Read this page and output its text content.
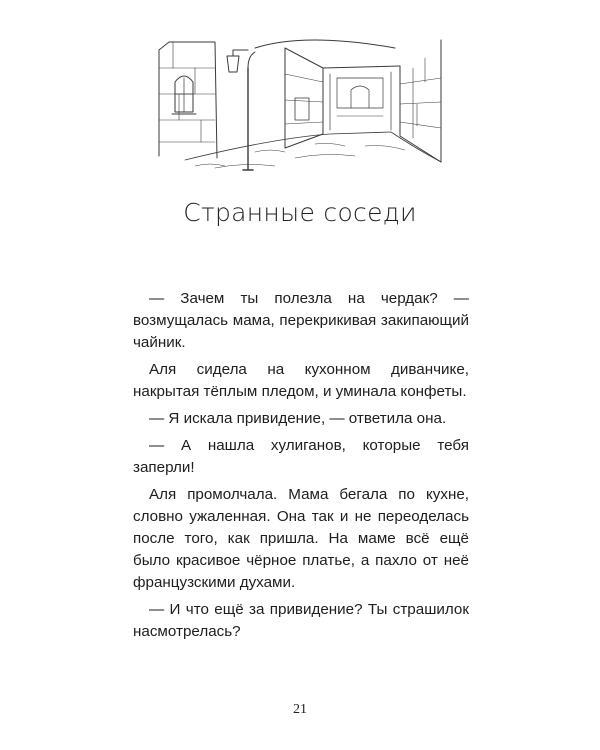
Странные соседи

— Зачем ты полезла на чердак? — возмущалась мама, перекрикивая закипающий чайник.

Аля сидела на кухонном диванчике, накрытая тёплым пледом, и уминала конфеты.

— Я искала привидение, — ответила она.

— А нашла хулиганов, которые тебя заперли!

Аля промолчала. Мама бегала по кухне, словно ужаленная. Она так и не переоделась после того, как пришла. На маме всё ещё было красивое чёрное платье, а пахло от неё французскими духами.

— И что ещё за привидение? Ты страшилок насмотрелась?

21
